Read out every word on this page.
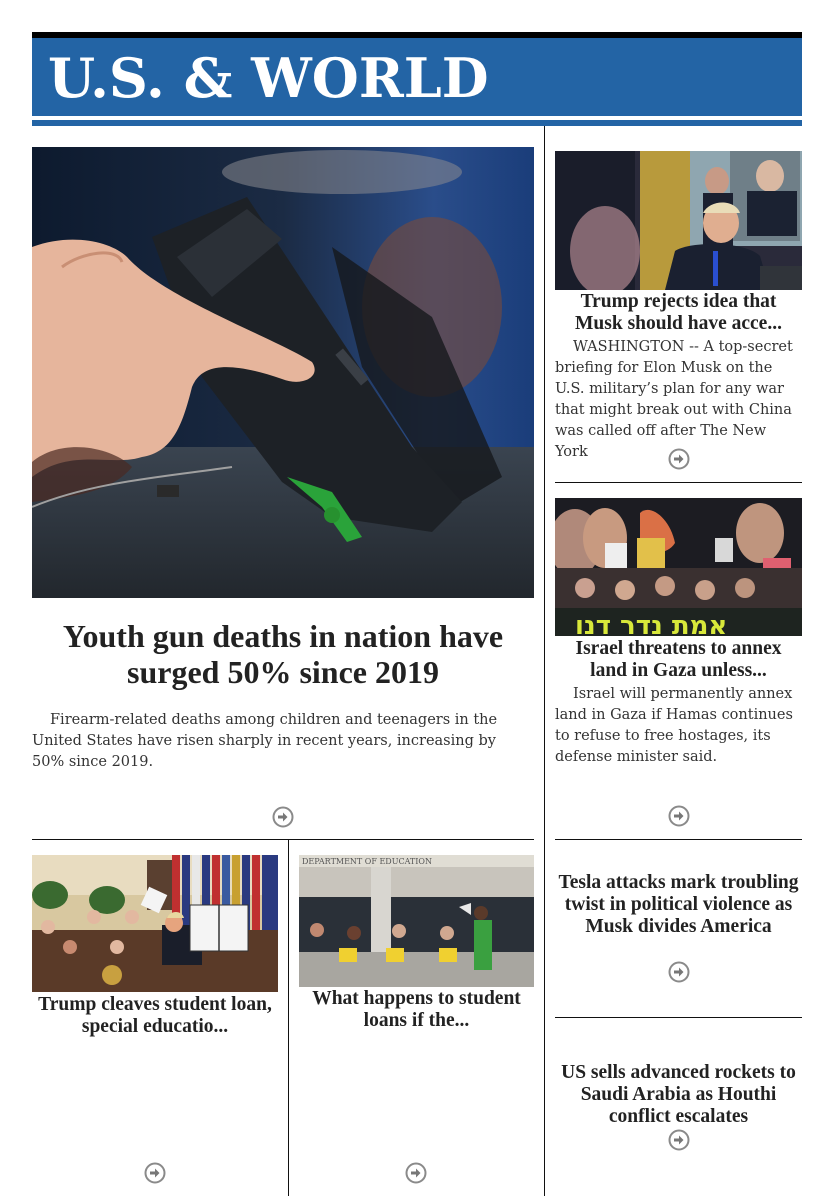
U.S. & WORLD
Youth gun deaths in nation have surged 50% since 2019
Firearm-related deaths among children and teenagers in the United States have risen sharply in recent years, increasing by 50% since 2019.
Trump rejects idea that Musk should have acce...
WASHINGTON -- A top-secret briefing for Elon Musk on the U.S. military’s plan for any war that might break out with China was called off after The New York
אמת נדר דנו
Israel threatens to annex land in Gaza unless...
Israel will permanently annex land in Gaza if Hamas continues to refuse to free hostages, its defense minister said.
Tesla attacks mark troubling twist in political violence as Musk divides America
US sells advanced rockets to Saudi Arabia as Houthi conflict escalates
Trump cleaves student loan, special educatio...
DEPARTMENT OF EDUCATION
What happens to student loans if the...
